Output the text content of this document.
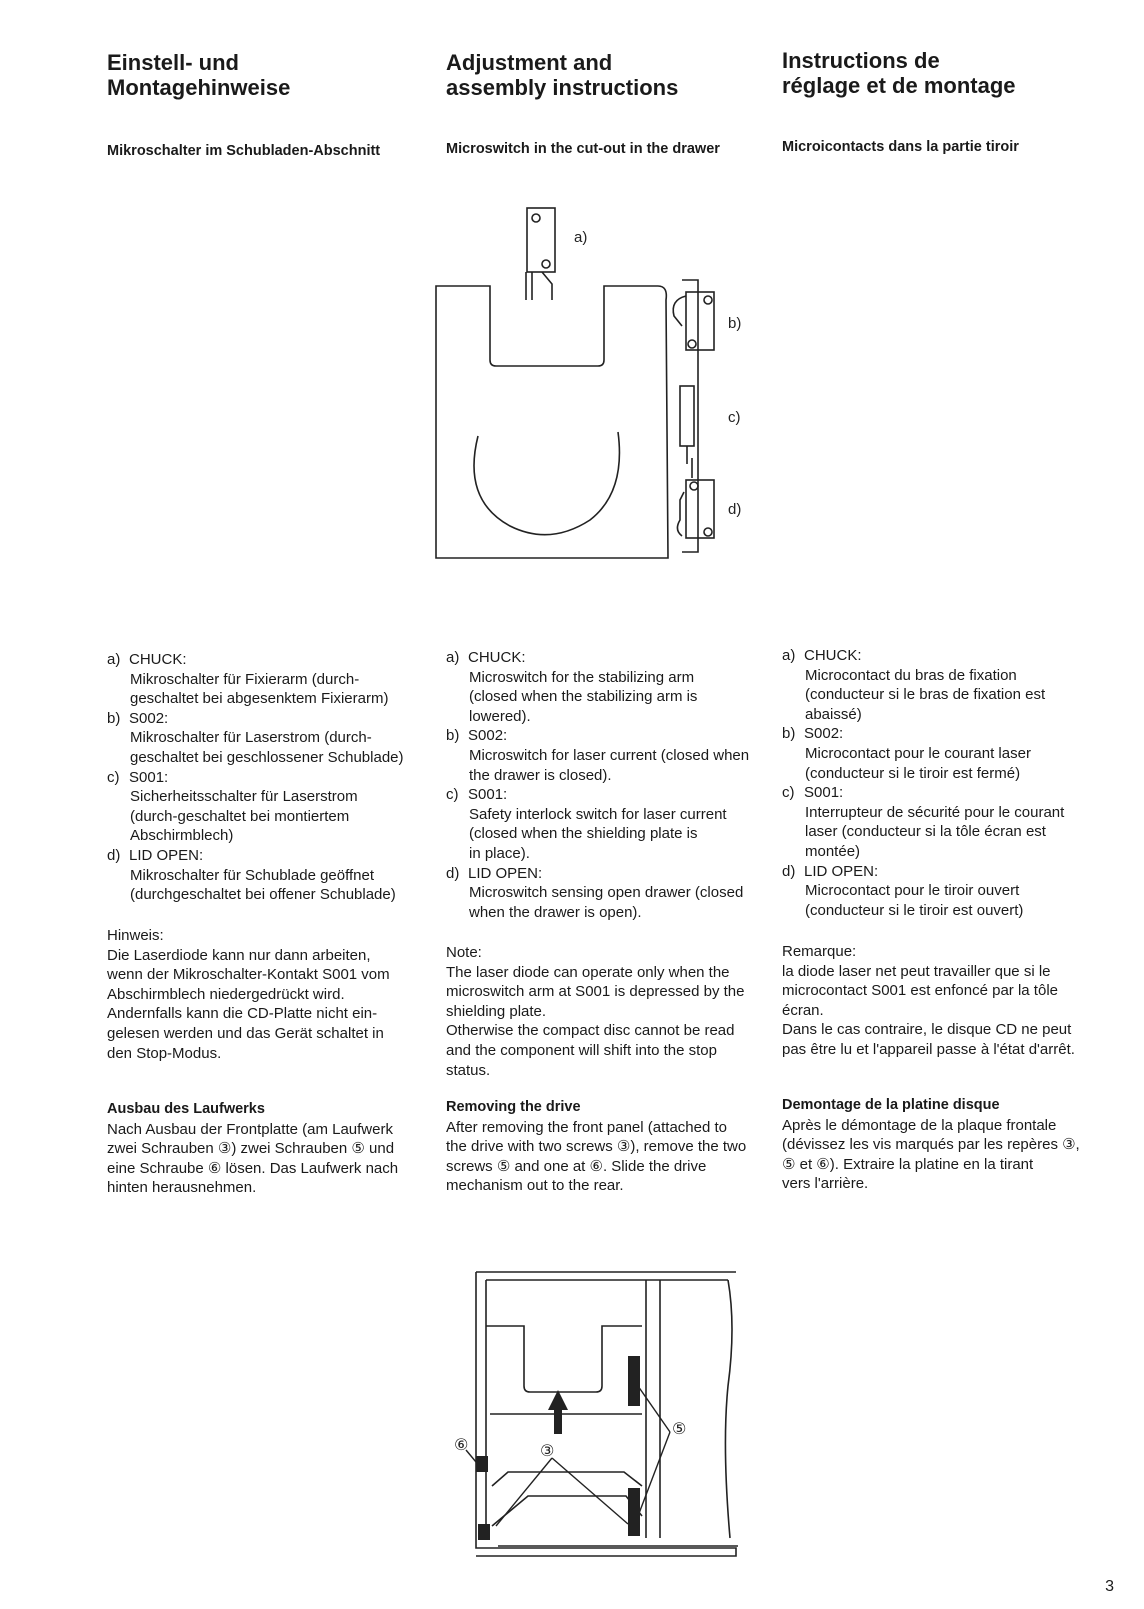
Einstell- und
Montagehinweise
Adjustment and
assembly instructions
Instructions de
réglage et de montage

Mikroschalter im Schubladen-Abschnitt	Microswitch in the cut-out in the drawer	Microicontacts dans la partie tiroir

a)
b)
c)
d)
a) CHUCK:
Mikroschalter für Fixierarm (durch-
geschaltet bei abgesenktem Fixierarm)
b) S002:
Mikroschalter für Laserstrom (durch-
geschaltet bei geschlossener Schublade)
c) S001:
Sicherheitsschalter für Laserstrom
(durch-geschaltet bei montiertem
Abschirmblech)
d) LID OPEN:
Mikroschalter für Schublade geöffnet
(durchgeschaltet bei offener Schublade)
a) CHUCK:
Microswitch for the stabilizing arm
(closed when the stabilizing arm is
lowered).
b) S002:
Microswitch for laser current (closed when
the drawer is closed).
c) S001:
Safety interlock switch for laser current
(closed when the shielding plate is
in place).
d) LID OPEN:
Microswitch sensing open drawer (closed
when the drawer is open).
a) CHUCK:
Microcontact du bras de fixation
(conducteur si le bras de fixation est
abaissé)
b) S002:
Microcontact pour le courant laser
(conducteur si le tiroir est fermé)
c) S001:
Interrupteur de sécurité pour le courant
laser (conducteur si la tôle écran est
montée)
d) LID OPEN:
Microcontact pour le tiroir ouvert
(conducteur si le tiroir est ouvert)

Hinweis:

Die Laserdiode kann nur dann arbeiten,

wenn der Mikroschalter-Kontakt S001 vom

Abschirmblech niedergedrückt wird.

Andernfalls kann die CD-Platte nicht ein-

gelesen werden und das Gerät schaltet in

den Stop-Modus.

Note:

The laser diode can operate only when the

microswitch arm at S001 is depressed by the

shielding plate.

Otherwise the compact disc cannot be read

and the component will shift into the stop

status.

Remarque:

la diode laser net peut travailler que si le

microcontact S001 est enfoncé par la tôle

écran.

Dans le cas contraire, le disque CD ne peut

pas être lu et l'appareil passe à l'état d'arrêt.

Ausbau des Laufwerks

Nach Ausbau der Frontplatte (am Laufwerk

zwei Schrauben ③) zwei Schrauben ⑤ und

eine Schraube ⑥ lösen. Das Laufwerk nach

hinten herausnehmen.

Removing the drive

After removing the front panel (attached to

the drive with two screws ③), remove the two

screws ⑤ and one at ⑥. Slide the drive

mechanism out to the rear.

Demontage de la platine disque

Après le démontage de la plaque frontale

(dévissez les vis marqués par les repères ③,

⑤ et ⑥). Extraire la platine en la tirant

vers l'arrière.

⑥	③
⑤
3
